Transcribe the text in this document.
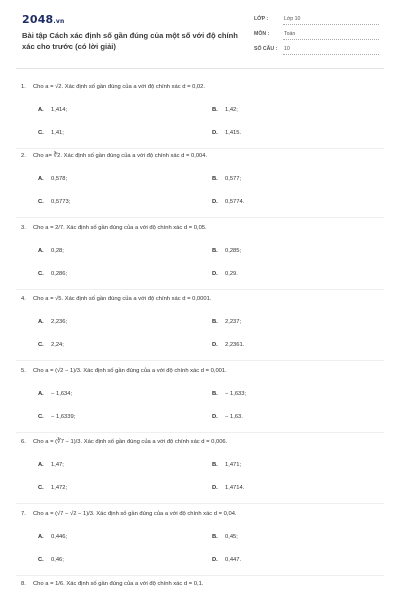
2048.vn
Bài tập Cách xác định số gần đúng của một số với độ chính xác cho trước (có lời giải)
LỚP :	Lớp 10
MÔN :	Toán
SỐ CÂU : 10
1. Cho a = √2. Xác định số gần đúng của a với độ chính xác d = 0,02.
A. 1,414;	B. 1,42;
C. 1,41;	D. 1,415.
2. Cho a= ∛2. Xác định số gần đúng của a với độ chính xác d = 0,004.
A. 0,578;	B. 0,577;
C. 0,5773;	D. 0,5774.
3. Cho a = 2/7. Xác định số gần đúng của a với độ chính xác d = 0,05.
A. 0,28;	B. 0,285;
C. 0,286;	D. 0,29.
4. Cho a = √5. Xác định số gần đúng của a với độ chính xác d = 0,0001.
A. 2,236;	B. 2,237;
C. 2,24;	D. 2,2361.
5. Cho a = (√2 − 1)/3. Xác định số gần đúng của a với độ chính xác d = 0,001.
A. − 1,634;	B. − 1,633;
C. − 1,6339;	D. − 1,63.
6. Cho a = (∛7 − 1)/3. Xác định số gần đúng của a với độ chính xác d = 0,006.
A. 1,47;	B. 1,471;
C. 1,472;	D. 1,4714.
7. Cho a = (√7 − √2 − 1)/3. Xác định số gần đúng của a với độ chính xác d = 0,04.
A. 0,446;	B. 0,45;
C. 0,46;	D. 0,447.
8. Cho a = 1/6. Xác định số gần đúng của a với độ chính xác d = 0,1.
